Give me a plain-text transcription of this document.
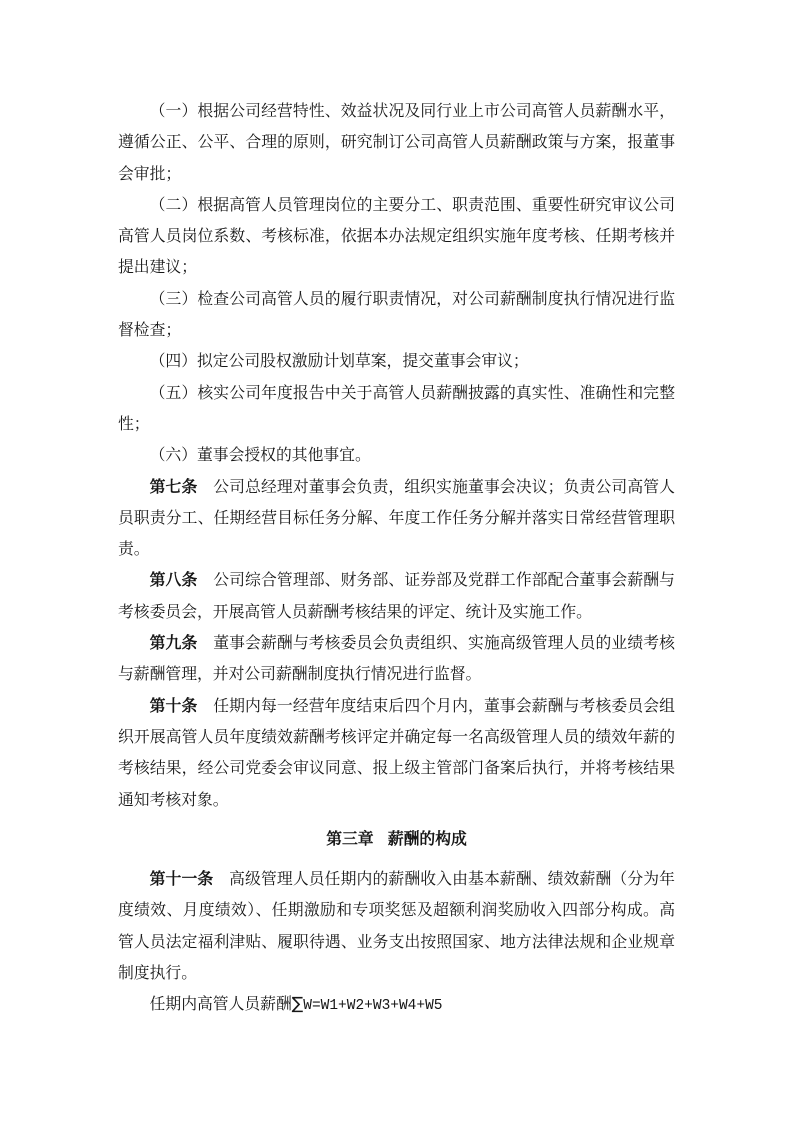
（一）根据公司经营特性、效益状况及同行业上市公司高管人员薪酬水平，遵循公正、公平、合理的原则，研究制订公司高管人员薪酬政策与方案，报董事会审批；

（二）根据高管人员管理岗位的主要分工、职责范围、重要性研究审议公司高管人员岗位系数、考核标准，依据本办法规定组织实施年度考核、任期考核并提出建议；

（三）检查公司高管人员的履行职责情况，对公司薪酬制度执行情况进行监督检查；

（四）拟定公司股权激励计划草案，提交董事会审议；

（五）核实公司年度报告中关于高管人员薪酬披露的真实性、准确性和完整性；

（六）董事会授权的其他事宜。

第七条 公司总经理对董事会负责，组织实施董事会决议；负责公司高管人员职责分工、任期经营目标任务分解、年度工作任务分解并落实日常经营管理职责。

第八条 公司综合管理部、财务部、证券部及党群工作部配合董事会薪酬与考核委员会，开展高管人员薪酬考核结果的评定、统计及实施工作。

第九条 董事会薪酬与考核委员会负责组织、实施高级管理人员的业绩考核与薪酬管理，并对公司薪酬制度执行情况进行监督。

第十条 任期内每一经营年度结束后四个月内，董事会薪酬与考核委员会组织开展高管人员年度绩效薪酬考核评定并确定每一名高级管理人员的绩效年薪的考核结果，经公司党委会审议同意、报上级主管部门备案后执行，并将考核结果通知考核对象。

第三章 薪酬的构成

第十一条 高级管理人员任期内的薪酬收入由基本薪酬、绩效薪酬（分为年度绩效、月度绩效）、任期激励和专项奖惩及超额利润奖励收入四部分构成。高管人员法定福利津贴、履职待遇、业务支出按照国家、地方法律法规和企业规章制度执行。

任期内高管人员薪酬∑W=W1+W2+W3+W4+W5
